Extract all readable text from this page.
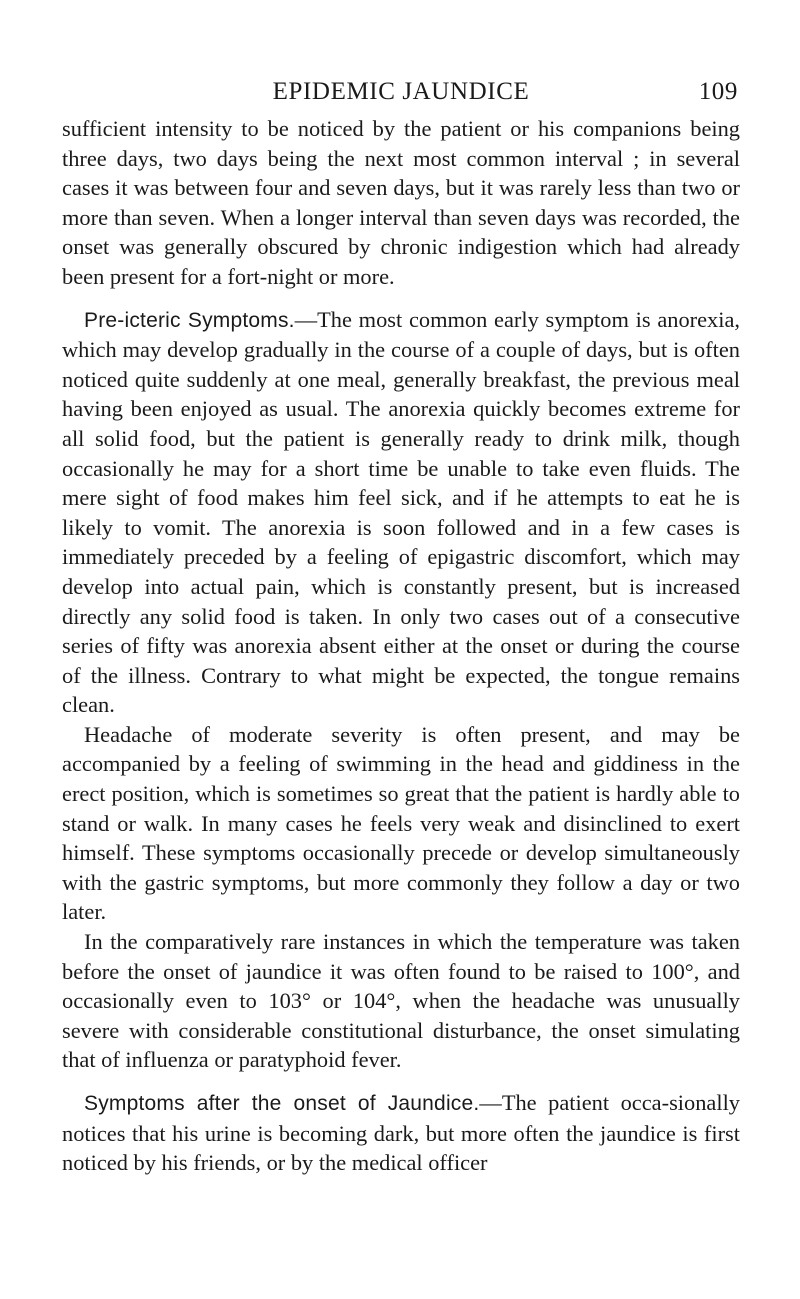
EPIDEMIC JAUNDICE	109

sufficient intensity to be noticed by the patient or his companions being three days, two days being the next most common interval ; in several cases it was between four and seven days, but it was rarely less than two or more than seven. When a longer interval than seven days was recorded, the onset was generally obscured by chronic indigestion which had already been present for a fort-night or more.

Pre-icteric Symptoms.—The most common early symptom is anorexia, which may develop gradually in the course of a couple of days, but is often noticed quite suddenly at one meal, generally breakfast, the previous meal having been enjoyed as usual. The anorexia quickly becomes extreme for all solid food, but the patient is generally ready to drink milk, though occasionally he may for a short time be unable to take even fluids. The mere sight of food makes him feel sick, and if he attempts to eat he is likely to vomit. The anorexia is soon followed and in a few cases is immediately preceded by a feeling of epigastric discomfort, which may develop into actual pain, which is constantly present, but is increased directly any solid food is taken. In only two cases out of a consecutive series of fifty was anorexia absent either at the onset or during the course of the illness. Contrary to what might be expected, the tongue remains clean.

Headache of moderate severity is often present, and may be accompanied by a feeling of swimming in the head and giddiness in the erect position, which is sometimes so great that the patient is hardly able to stand or walk. In many cases he feels very weak and disinclined to exert himself. These symptoms occasionally precede or develop simultaneously with the gastric symptoms, but more commonly they follow a day or two later.

In the comparatively rare instances in which the temperature was taken before the onset of jaundice it was often found to be raised to 100°, and occasionally even to 103° or 104°, when the headache was unusually severe with considerable constitutional disturbance, the onset simulating that of influenza or paratyphoid fever.

Symptoms after the onset of Jaundice.—The patient occa-sionally notices that his urine is becoming dark, but more often the jaundice is first noticed by his friends, or by the medical officer
